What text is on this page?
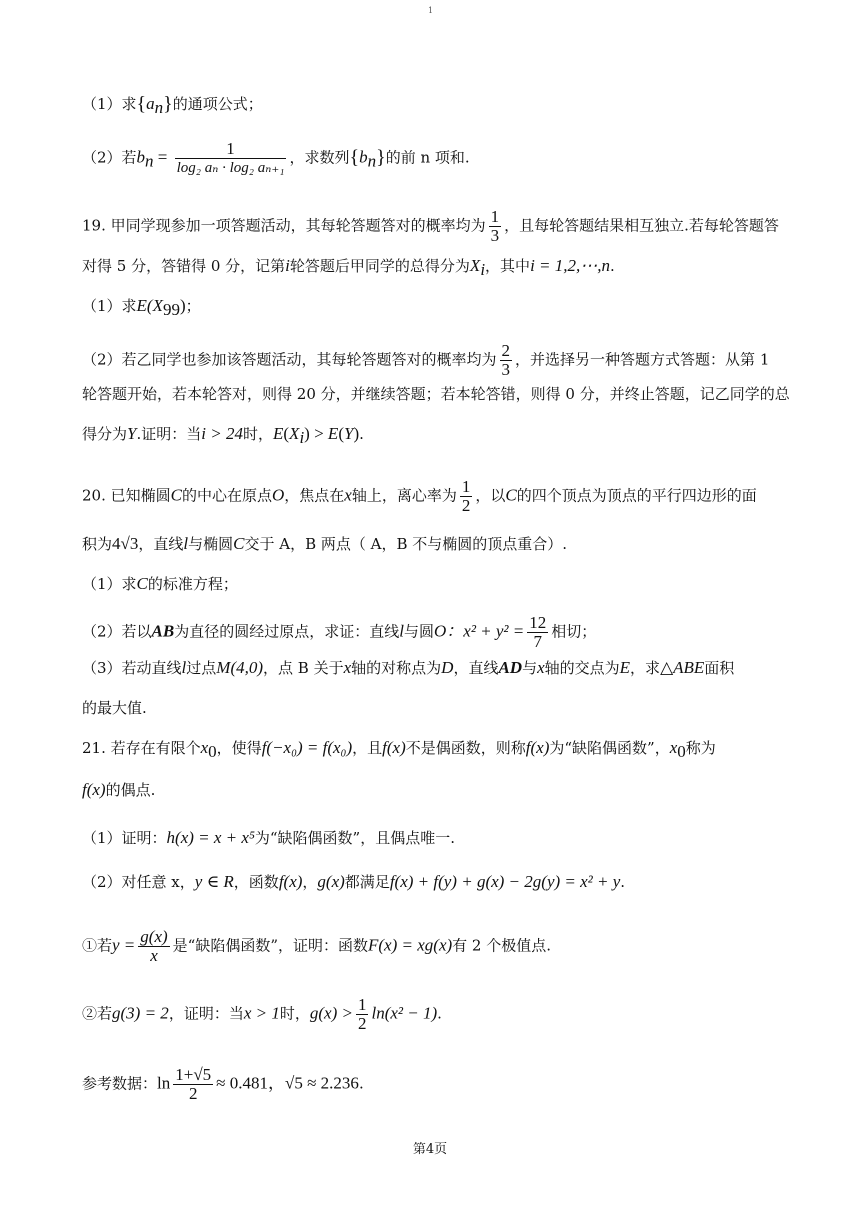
1
（1）求$\{a_n\}$的通项公式；
（2）若$b_n = \frac{1}{\text{log₂ aₙ · log₂ aₙ₊₁}}$ ，求数列$\{b_n\}$的前 n 项和.
19. 甲同学现参加一项答题活动，其每轮答题答对的概率均为 $\frac{1}{3}$ ，且每轮答题结果相互独立.若每轮答题答
对得 5 分，答错得 0 分，记第i轮答题后甲同学的总得分为$X_i$，其中i = 1,2,⋯,n.
（1）求$E(X_{99})$；
（2）若乙同学也参加该答题活动，其每轮答题答对的概率均为 $\frac{2}{3}$ ，并选择另一种答题方式答题：从第 1
轮答题开始，若本轮答对，则得 20 分，并继续答题；若本轮答错，则得 0 分，并终止答题，记乙同学的总
得分为Y.证明：当i > 24时，$E(X_i) > E(Y)$.
20. 已知椭圆C的中心在原点O，焦点在x轴上，离心率为 $\frac{1}{2}$ ，以C的四个顶点为顶点的平行四边形的面
积为4√3，直线l与椭圆C交于 A，B 两点（ A，B 不与椭圆的顶点重合）.
（1）求C的标准方程；
（2）若以AB为直径的圆经过原点，求证：直线l与圆O：$x^2 + y^2 = \frac{12}{7}$ 相切；
（3）若动直线l过点M(4,0)，点 B 关于x轴的对称点为D，直线AD与x轴的交点为E，求△ABE面积
的最大值.
21. 若存在有限个$x_0$，使得f(−x₀) = f(x₀)，且f(x)不是偶函数，则称f(x)为“缺陷偶函数”，$x_0$称为
f(x)的偶点.
（1）证明：h(x) = x + x⁵为“缺陷偶函数”，且偶点唯一.
（2）对任意 x，y ∈ R，函数f(x)，g(x)都满足f(x) + f(y) + g(x) − 2g(y) = x² + y.
①若$y = \frac{g(x)}{x}$ 是“缺陷偶函数”，证明：函数F(x) = xg(x)有 2 个极值点.
②若g(3) = 2，证明：当x > 1时，$g(x) > \frac{1}{2} \ln(x^2 - 1)$.
参考数据：$\ln \frac{1+√5}{2} \approx 0.481$，√5 ≈ 2.236.
第4页
